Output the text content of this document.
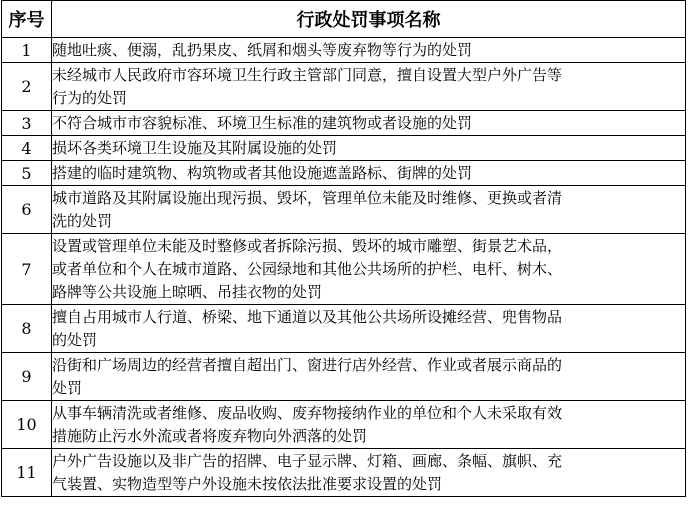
序号	行政处罚事项名称
1	随地吐痰、便溺，乱扔果皮、纸屑和烟头等废弃物等行为的处罚
2	未经城市人民政府市容环境卫生行政主管部门同意，擅自设置大型户外广告等
行为的处罚
3	不符合城市市容貌标准、环境卫生标准的建筑物或者设施的处罚
4	损坏各类环境卫生设施及其附属设施的处罚
5	搭建的临时建筑物、构筑物或者其他设施遮盖路标、街牌的处罚
6	城市道路及其附属设施出现污损、毁坏，管理单位未能及时维修、更换或者清
洗的处罚
7	设置或管理单位未能及时整修或者拆除污损、毁坏的城市雕塑、街景艺术品，
或者单位和个人在城市道路、公园绿地和其他公共场所的护栏、电杆、树木、
路牌等公共设施上晾晒、吊挂衣物的处罚
8	擅自占用城市人行道、桥梁、地下通道以及其他公共场所设摊经营、兜售物品
的处罚
9	沿街和广场周边的经营者擅自超出门、窗进行店外经营、作业或者展示商品的
处罚
10	从事车辆清洗或者维修、废品收购、废弃物接纳作业的单位和个人未采取有效
措施防止污水外流或者将废弃物向外洒落的处罚
11	户外广告设施以及非广告的招牌、电子显示牌、灯箱、画廊、条幅、旗帜、充
气装置、实物造型等户外设施未按依法批准要求设置的处罚
